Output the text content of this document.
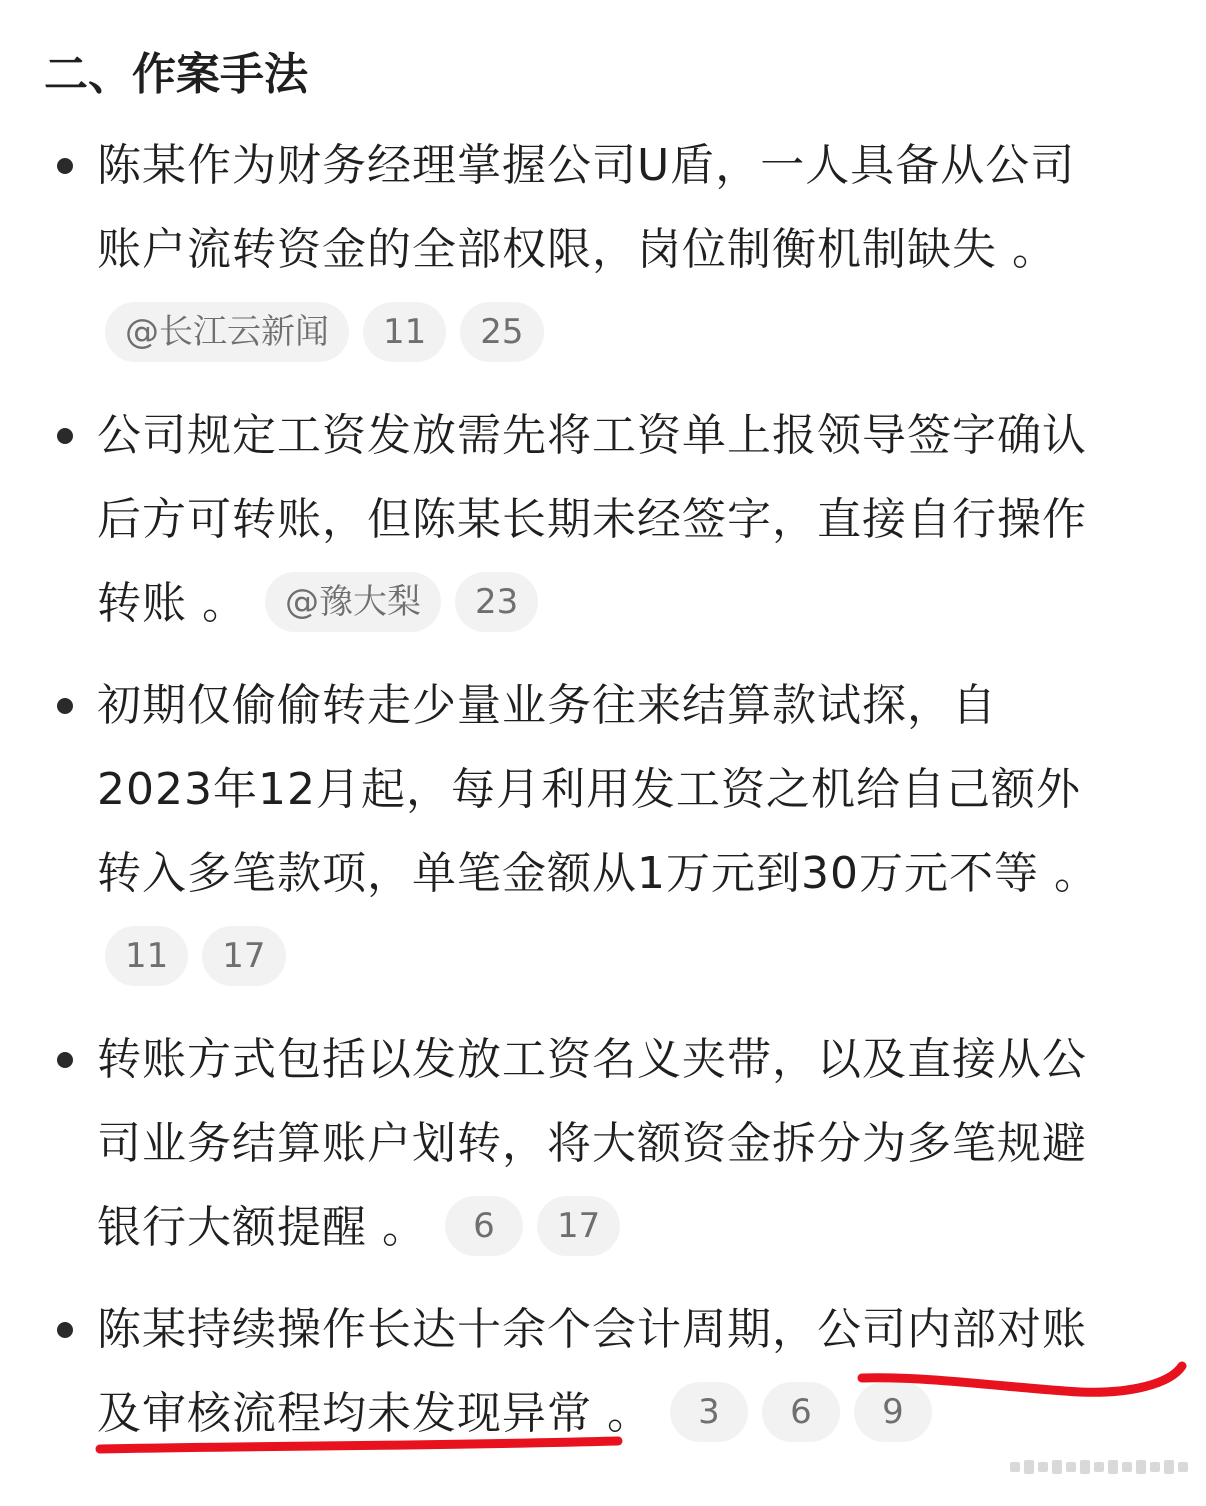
二、作案手法
陈某作为财务经理掌握公司U盾，一人具备从公司
账户流转资金的全部权限，岗位制衡机制缺失 。
@长江云新闻 11 25
公司规定工资发放需先将工资单上报领导签字确认
后方可转账，但陈某长期未经签字，直接自行操作
转账 。 @豫大梨 23
初期仅偷偷转走少量业务往来结算款试探，自
2023年12月起，每月利用发工资之机给自己额外
转入多笔款项，单笔金额从1万元到30万元不等 。
11 17
转账方式包括以发放工资名义夹带，以及直接从公
司业务结算账户划转，将大额资金拆分为多笔规避
银行大额提醒 。 6 17
陈某持续操作长达十余个会计周期，公司内部对账
及审核流程均未发现异常 。 3 6 9
